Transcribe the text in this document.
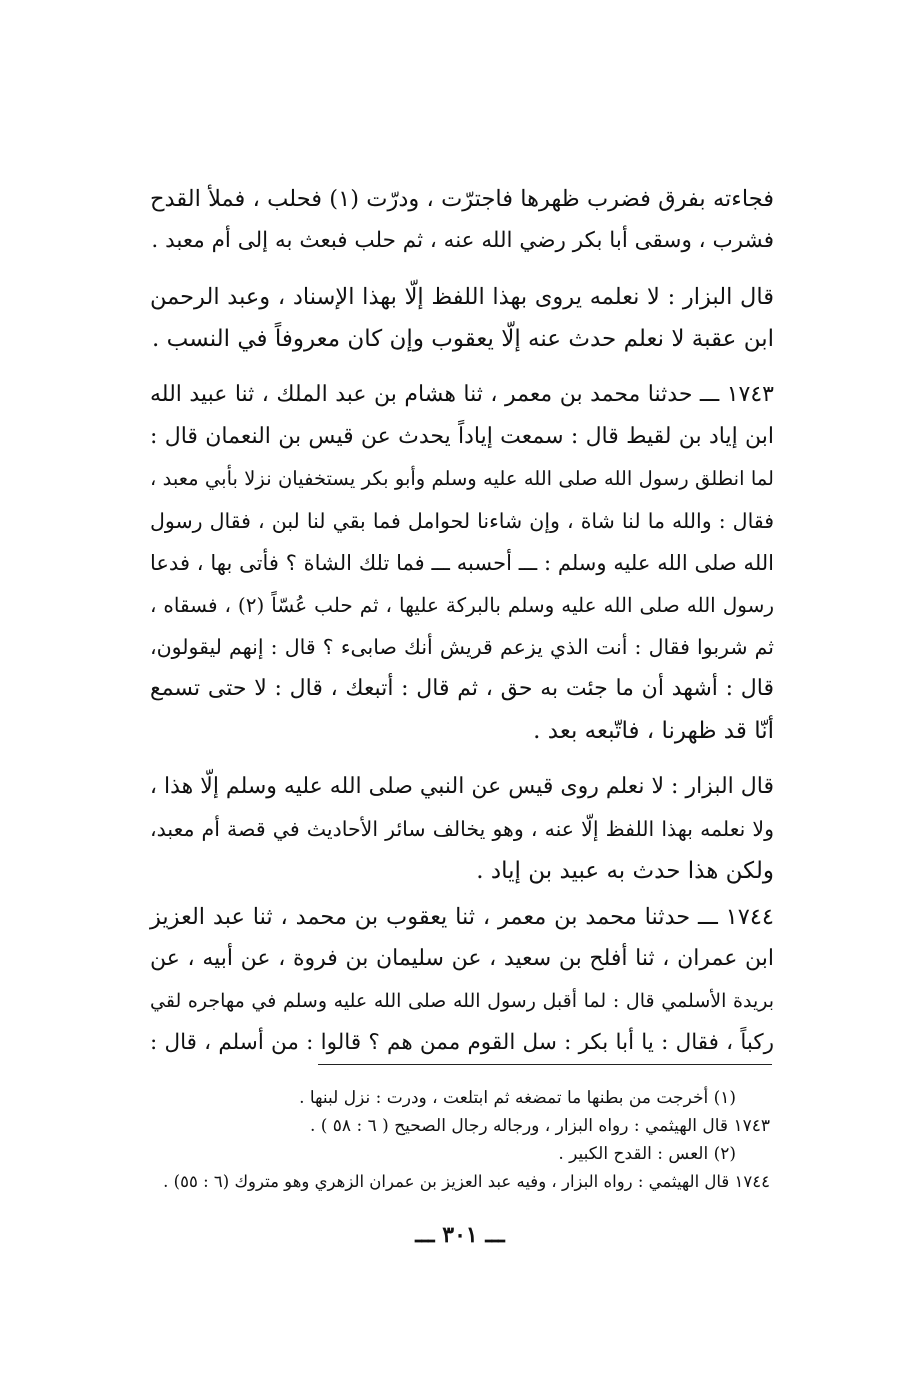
فجاءته بفرق فضرب ظهرها فاجترّت ، ودرّت (١) فحلب ، فملأ القدح
فشرب ، وسقى أبا بكر رضي الله عنه ، ثم حلب فبعث به إلى أم معبد .
قال البزار : لا نعلمه يروى بهذا اللفظ إلّا بهذا الإسناد ، وعبد الرحمن
ابن عقبة لا نعلم حدث عنه إلّا يعقوب وإن كان معروفاً في النسب .
١٧٤٣ ـــ حدثنا محمد بن معمر ، ثنا هشام بن عبد الملك ، ثنا عبيد الله
ابن إياد بن لقيط قال : سمعت إياداً يحدث عن قيس بن النعمان قال :
لما انطلق رسول الله صلى الله عليه وسلم وأبو بكر يستخفيان نزلا بأبي معبد ،
فقال : والله ما لنا شاة ، وإن شاءنا لحوامل فما بقي لنا لبن ، فقال رسول
الله صلى الله عليه وسلم : ـــ أحسبه ـــ فما تلك الشاة ؟ فأتى بها ، فدعا
رسول الله صلى الله عليه وسلم بالبركة عليها ، ثم حلب عُسّاً (٢) ، فسقاه ،
ثم شربوا فقال : أنت الذي يزعم قريش أنك صابىء ؟ قال : إنهم ليقولون،
قال : أشهد أن ما جئت به حق ، ثم قال : أتبعك ، قال : لا حتى تسمع
أنّا قد ظهرنا ، فاتّبعه بعد .
قال البزار : لا نعلم روى قيس عن النبي صلى الله عليه وسلم إلّا هذا ،
ولا نعلمه بهذا اللفظ إلّا عنه ، وهو يخالف سائر الأحاديث في قصة أم معبد،
ولكن هذا حدث به عبيد بن إياد .
١٧٤٤ ـــ حدثنا محمد بن معمر ، ثنا يعقوب بن محمد ، ثنا عبد العزيز
ابن عمران ، ثنا أفلح بن سعيد ، عن سليمان بن فروة ، عن أبيه ، عن
بريدة الأسلمي قال : لما أقبل رسول الله صلى الله عليه وسلم في مهاجره لقي
ركباً ، فقال : يا أبا بكر : سل القوم ممن هم ؟ قالوا : من أسلم ، قال :
(١) أخرجت من بطنها ما تمضغه ثم ابتلعت ، ودرت : نزل لبنها .
١٧٤٣ قال الهيثمي : رواه البزار ، ورجاله رجال الصحيح ( ٦ : ٥٨ ) .
(٢) العس : القدح الكبير .
١٧٤٤ قال الهيثمي : رواه البزار ، وفيه عبد العزيز بن عمران الزهري وهو متروك (٦ : ٥٥) .
ـــ ٣٠١ ـــ
